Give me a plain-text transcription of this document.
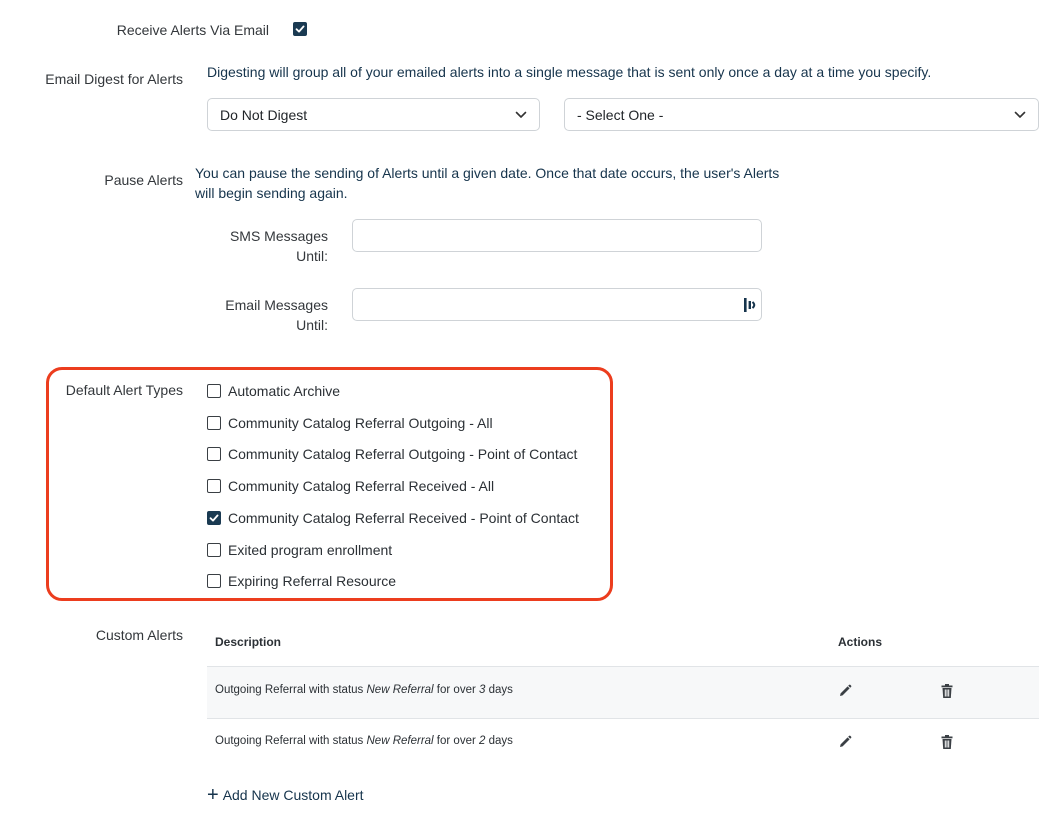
Receive Alerts Via Email
Email Digest for Alerts Digesting will group all of your emailed alerts into a single message that is sent only once a day at a time you specify.
Do Not Digest	- Select One -
Pause Alerts You can pause the sending of Alerts until a given date. Once that date occurs, the user's Alerts
will begin sending again.
SMS Messages
Until:
Email Messages
Until:
Default Alert Types	Automatic Archive
Community Catalog Referral Outgoing - All
Community Catalog Referral Outgoing - Point of Contact
Community Catalog Referral Received - All
Community Catalog Referral Received - Point of Contact
Exited program enrollment
Expiring Referral Resource
Custom Alerts	Description	Actions
Outgoing Referral with status New Referral for over 3 days
Outgoing Referral with status New Referral for over 2 days
+ Add New Custom Alert
